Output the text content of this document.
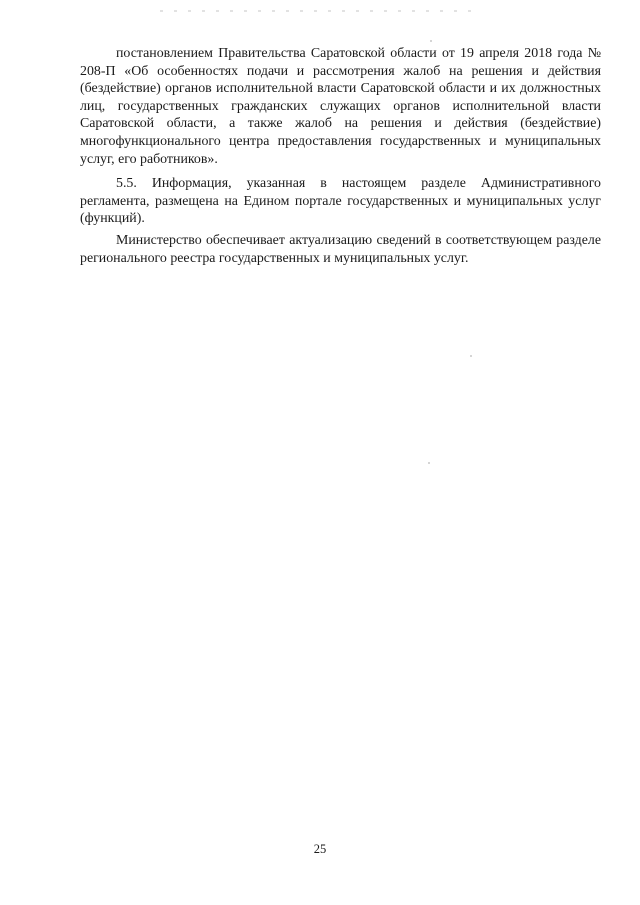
постановлением Правительства Саратовской области от 19 апреля 2018 года № 208-П «Об особенностях подачи и рассмотрения жалоб на решения и действия (бездействие) органов исполнительной власти Саратовской области и их должностных лиц, государственных гражданских служащих органов исполнительной власти Саратовской области, а также жалоб на решения и действия (бездействие) многофункционального центра предоставления государственных и муниципальных услуг, его работников».

5.5. Информация, указанная в настоящем разделе Административного регламента, размещена на Едином портале государственных и муниципальных услуг (функций).

Министерство обеспечивает актуализацию сведений в соответствующем разделе регионального реестра государственных и муниципальных услуг.

25
